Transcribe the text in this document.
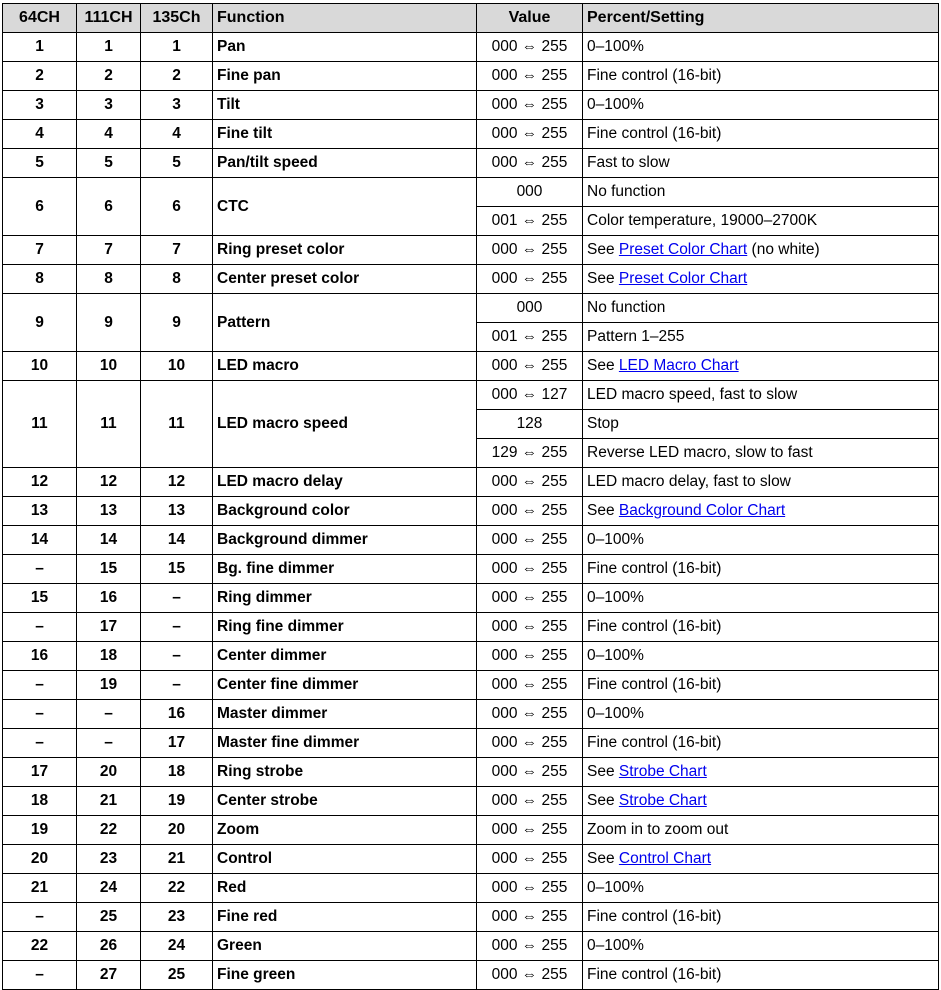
64CH	111CH	135Ch	Function	Value	Percent/Setting
1	1	1	Pan	000 ⇔ 255	0–100%
2	2	2	Fine pan	000 ⇔ 255	Fine control (16-bit)
3	3	3	Tilt	000 ⇔ 255	0–100%
4	4	4	Fine tilt	000 ⇔ 255	Fine control (16-bit)
5	5	5	Pan/tilt speed	000 ⇔ 255	Fast to slow
6	6	6	CTC	000	No function
				001 ⇔ 255	Color temperature, 19000–2700K
7	7	7	Ring preset color	000 ⇔ 255	See Preset Color Chart (no white)
8	8	8	Center preset color	000 ⇔ 255	See Preset Color Chart
9	9	9	Pattern	000	No function
				001 ⇔ 255	Pattern 1–255
10	10	10	LED macro	000 ⇔ 255	See LED Macro Chart
11	11	11	LED macro speed	000 ⇔ 127	LED macro speed, fast to slow
				128	Stop
				129 ⇔ 255	Reverse LED macro, slow to fast
12	12	12	LED macro delay	000 ⇔ 255	LED macro delay, fast to slow
13	13	13	Background color	000 ⇔ 255	See Background Color Chart
14	14	14	Background dimmer	000 ⇔ 255	0–100%
–	15	15	Bg. fine dimmer	000 ⇔ 255	Fine control (16-bit)
15	16	–	Ring dimmer	000 ⇔ 255	0–100%
–	17	–	Ring fine dimmer	000 ⇔ 255	Fine control (16-bit)
16	18	–	Center dimmer	000 ⇔ 255	0–100%
–	19	–	Center fine dimmer	000 ⇔ 255	Fine control (16-bit)
–	–	16	Master dimmer	000 ⇔ 255	0–100%
–	–	17	Master fine dimmer	000 ⇔ 255	Fine control (16-bit)
17	20	18	Ring strobe	000 ⇔ 255	See Strobe Chart
18	21	19	Center strobe	000 ⇔ 255	See Strobe Chart
19	22	20	Zoom	000 ⇔ 255	Zoom in to zoom out
20	23	21	Control	000 ⇔ 255	See Control Chart
21	24	22	Red	000 ⇔ 255	0–100%
–	25	23	Fine red	000 ⇔ 255	Fine control (16-bit)
22	26	24	Green	000 ⇔ 255	0–100%
–	27	25	Fine green	000 ⇔ 255	Fine control (16-bit)
